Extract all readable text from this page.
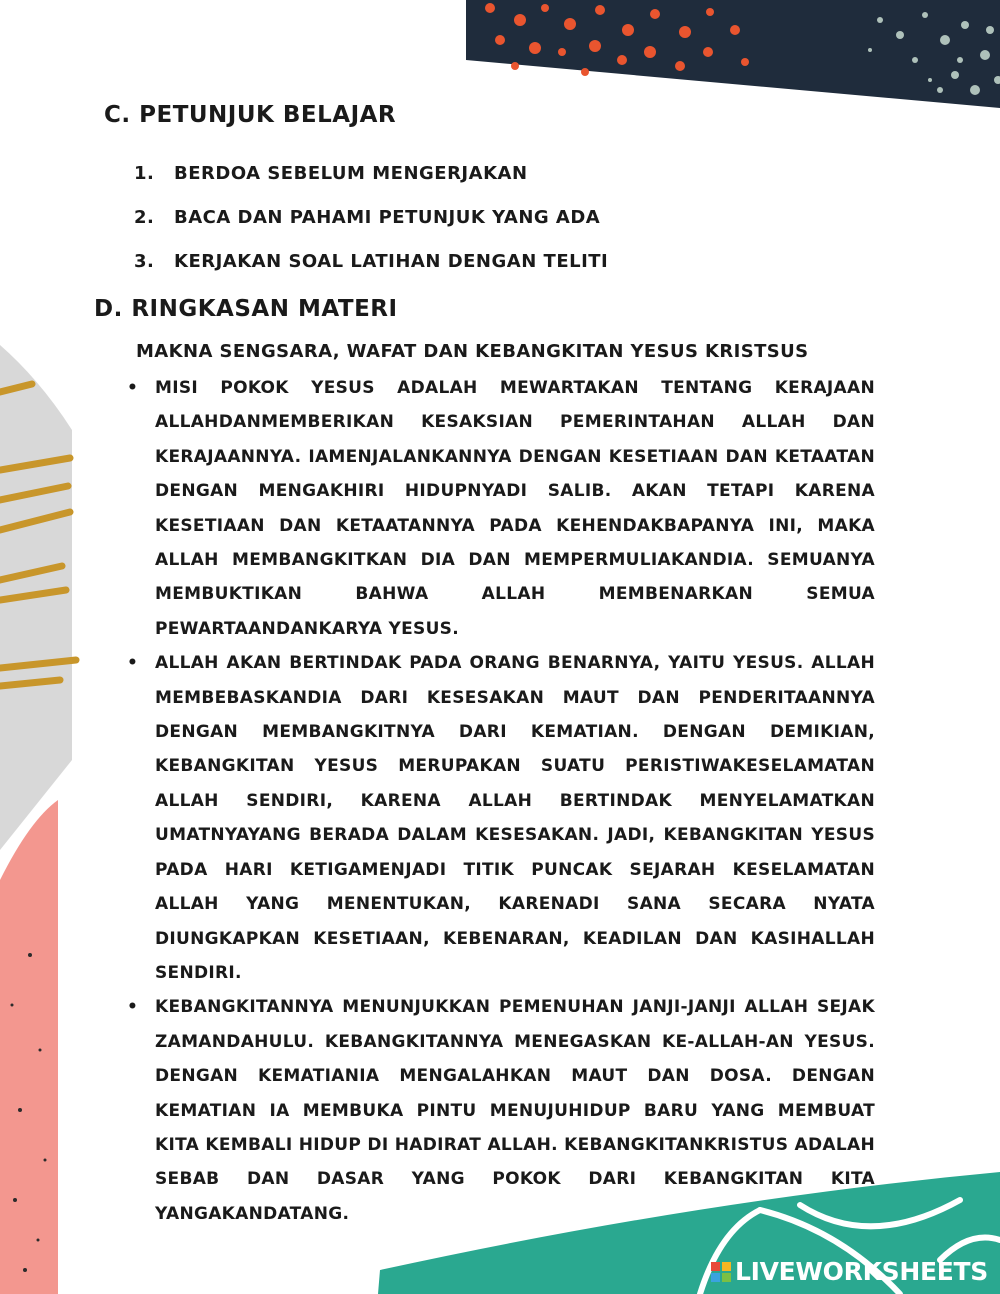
C. PETUNJUK BELAJAR
1. BERDOA SEBELUM MENGERJAKAN
2. BACA DAN PAHAMI PETUNJUK YANG ADA
3. KERJAKAN SOAL LATIHAN DENGAN TELITI
D. RINGKASAN MATERI

MAKNA SENGSARA, WAFAT DAN KEBANGKITAN YESUS KRISTSUS

• MISI POKOK YESUS ADALAH MEWARTAKAN TENTANG KERAJAAN ALLAHDANMEMBERIKAN KESAKSIAN PEMERINTAHAN ALLAH DAN KERAJAANNYA. IAMENJALANKANNYA DENGAN KESETIAAN DAN KETAATAN DENGAN MENGAKHIRI HIDUPNYADI SALIB. AKAN TETAPI KARENA KESETIAAN DAN KETAATANNYA PADA KEHENDAKBAPANYA INI, MAKA ALLAH MEMBANGKITKAN DIA DAN MEMPERMULIAKANDIA. SEMUANYA MEMBUKTIKAN BAHWA ALLAH MEMBENARKAN SEMUA PEWARTAANDANKARYA YESUS.
• ALLAH AKAN BERTINDAK PADA ORANG BENARNYA, YAITU YESUS. ALLAH MEMBEBASKANDIA DARI KESESAKAN MAUT DAN PENDERITAANNYA DENGAN MEMBANGKITNYA DARI KEMATIAN. DENGAN DEMIKIAN, KEBANGKITAN YESUS MERUPAKAN SUATU PERISTIWAKESELAMATAN ALLAH SENDIRI, KARENA ALLAH BERTINDAK MENYELAMATKAN UMATNYAYANG BERADA DALAM KESESAKAN. JADI, KEBANGKITAN YESUS PADA HARI KETIGAMENJADI TITIK PUNCAK SEJARAH KESELAMATAN ALLAH YANG MENENTUKAN, KARENADI SANA SECARA NYATA DIUNGKAPKAN KESETIAAN, KEBENARAN, KEADILAN DAN KASIHALLAH SENDIRI.
• KEBANGKITANNYA MENUNJUKKAN PEMENUHAN JANJI-JANJI ALLAH SEJAK ZAMANDAHULU. KEBANGKITANNYA MENEGASKAN KE-ALLAH-AN YESUS. DENGAN KEMATIANIA MENGALAHKAN MAUT DAN DOSA. DENGAN KEMATIAN IA MEMBUKA PINTU MENUJUHIDUP BARU YANG MEMBUAT KITA KEMBALI HIDUP DI HADIRAT ALLAH. KEBANGKITANKRISTUS ADALAH SEBAB DAN DASAR YANG POKOK DARI KEBANGKITAN KITA YANGAKANDATANG.
LIVEWORKSHEETS
